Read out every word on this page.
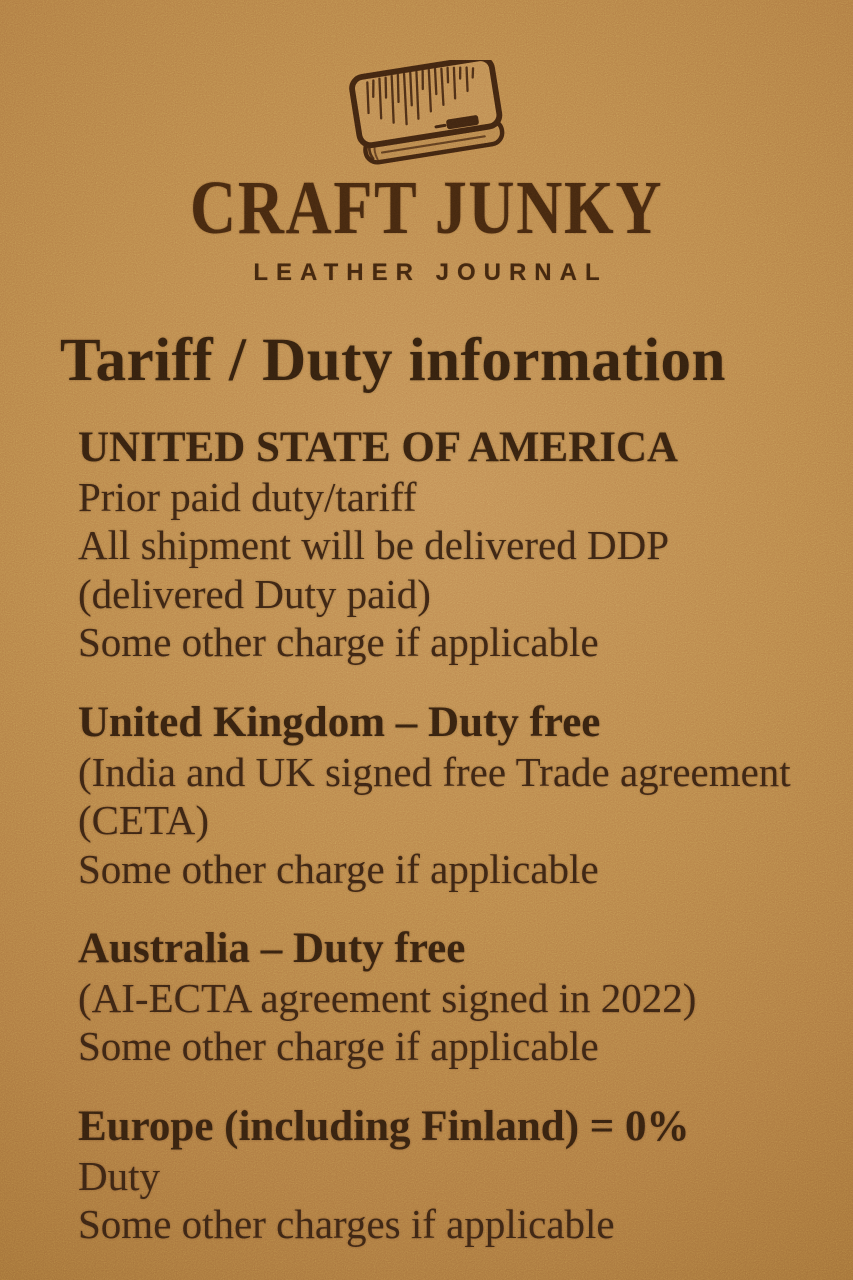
CRAFT JUNKY
LEATHER JOURNAL
Tariff / Duty information
UNITED STATE OF AMERICA
Prior paid duty/tariff
All shipment will be delivered DDP
(delivered Duty paid)
Some other charge if applicable
United Kingdom – Duty free
(India and UK signed free Trade agreement
(CETA)
Some other charge if applicable
Australia – Duty free
(AI-ECTA agreement signed in 2022)
Some other charge if applicable
Europe (including Finland) = 0%
Duty
Some other charges if applicable
